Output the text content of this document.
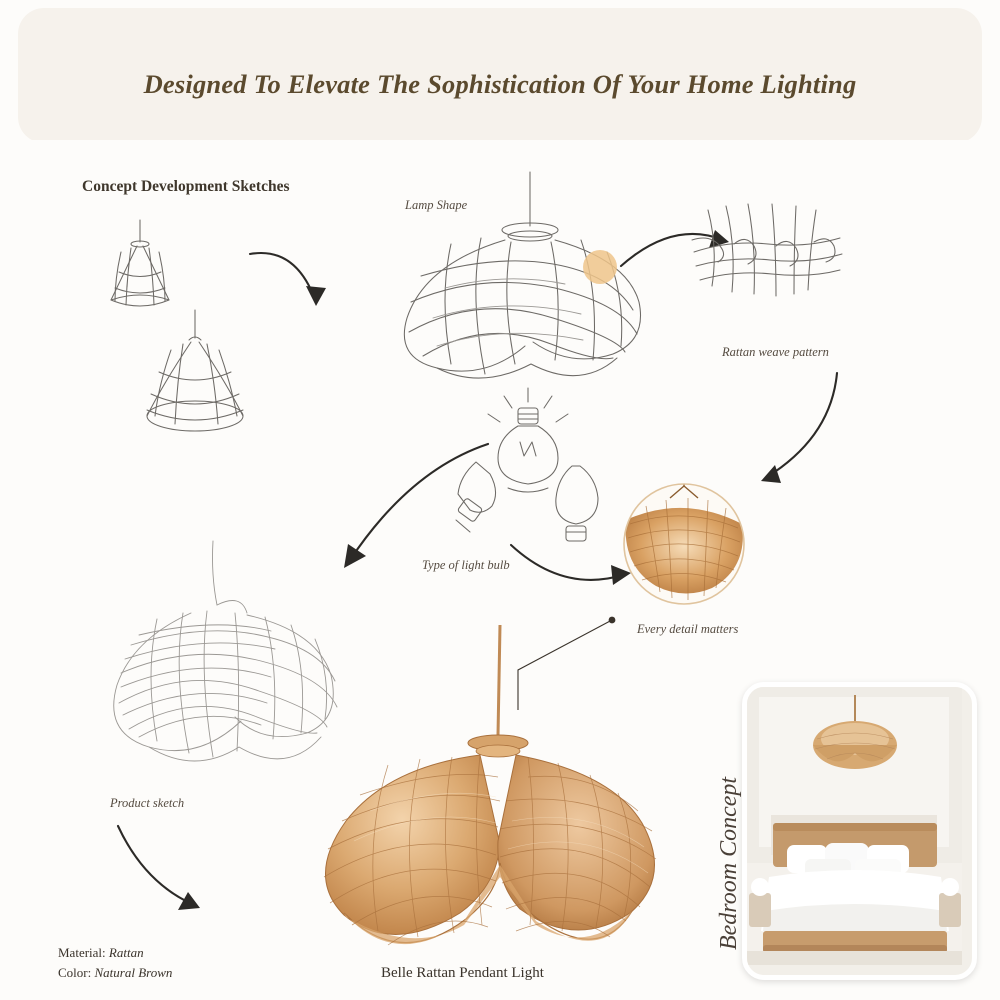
Designed To Elevate The Sophistication Of Your Home Lighting
Concept Development Sketches
Lamp Shape
Rattan weave pattern
Type of light bulb
Every detail matters
Product sketch
Material: Rattan
Color: Natural Brown	Belle Rattan Pendant Light
Bedroom Concept
